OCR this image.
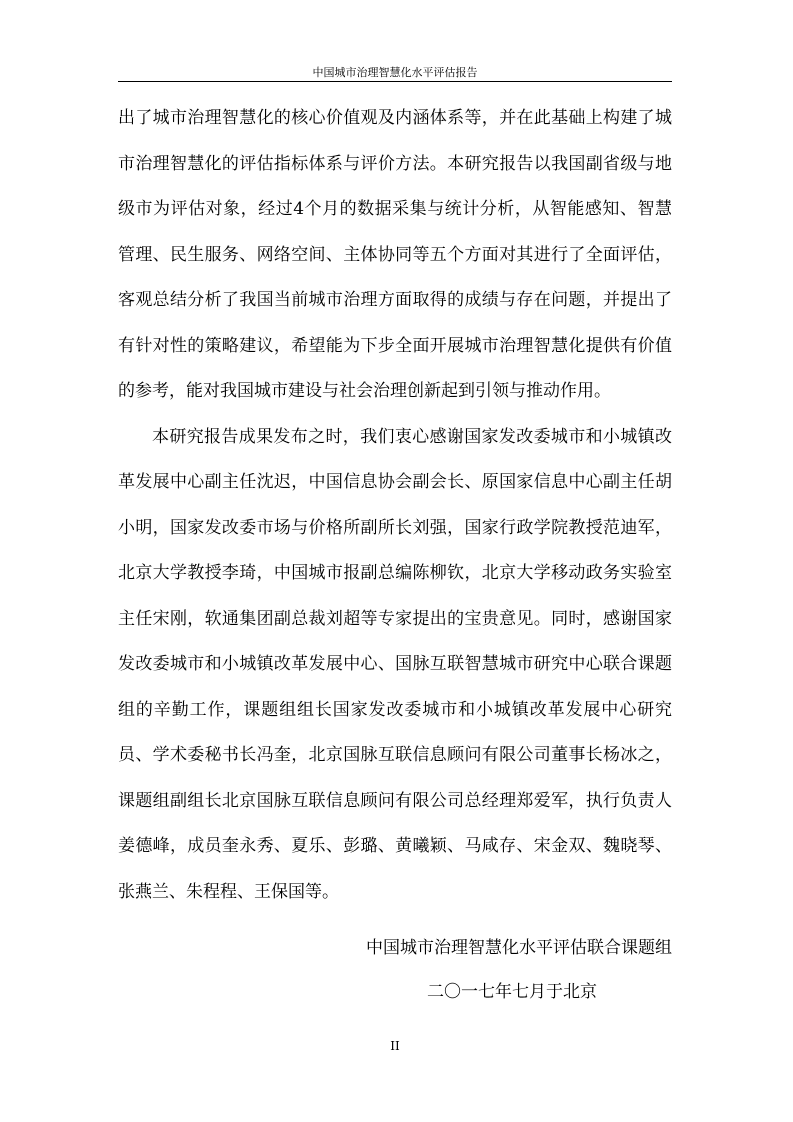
中国城市治理智慧化水平评估报告

出了城市治理智慧化的核心价值观及内涵体系等，并在此基础上构建了城市治理智慧化的评估指标体系与评价方法。本研究报告以我国副省级与地级市为评估对象，经过4个月的数据采集与统计分析，从智能感知、智慧管理、民生服务、网络空间、主体协同等五个方面对其进行了全面评估，客观总结分析了我国当前城市治理方面取得的成绩与存在问题，并提出了有针对性的策略建议，希望能为下步全面开展城市治理智慧化提供有价值的参考，能对我国城市建设与社会治理创新起到引领与推动作用。

本研究报告成果发布之时，我们衷心感谢国家发改委城市和小城镇改革发展中心副主任沈迟，中国信息协会副会长、原国家信息中心副主任胡小明，国家发改委市场与价格所副所长刘强，国家行政学院教授范迪军，北京大学教授李琦，中国城市报副总编陈柳钦，北京大学移动政务实验室主任宋刚，软通集团副总裁刘超等专家提出的宝贵意见。同时，感谢国家发改委城市和小城镇改革发展中心、国脉互联智慧城市研究中心联合课题组的辛勤工作，课题组组长国家发改委城市和小城镇改革发展中心研究员、学术委秘书长冯奎，北京国脉互联信息顾问有限公司董事长杨冰之，课题组副组长北京国脉互联信息顾问有限公司总经理郑爱军，执行负责人姜德峰，成员奎永秀、夏乐、彭璐、黄曦颖、马咸存、宋金双、魏晓琴、张燕兰、朱程程、王保国等。

中国城市治理智慧化水平评估联合课题组
二〇一七年七月于北京
II
